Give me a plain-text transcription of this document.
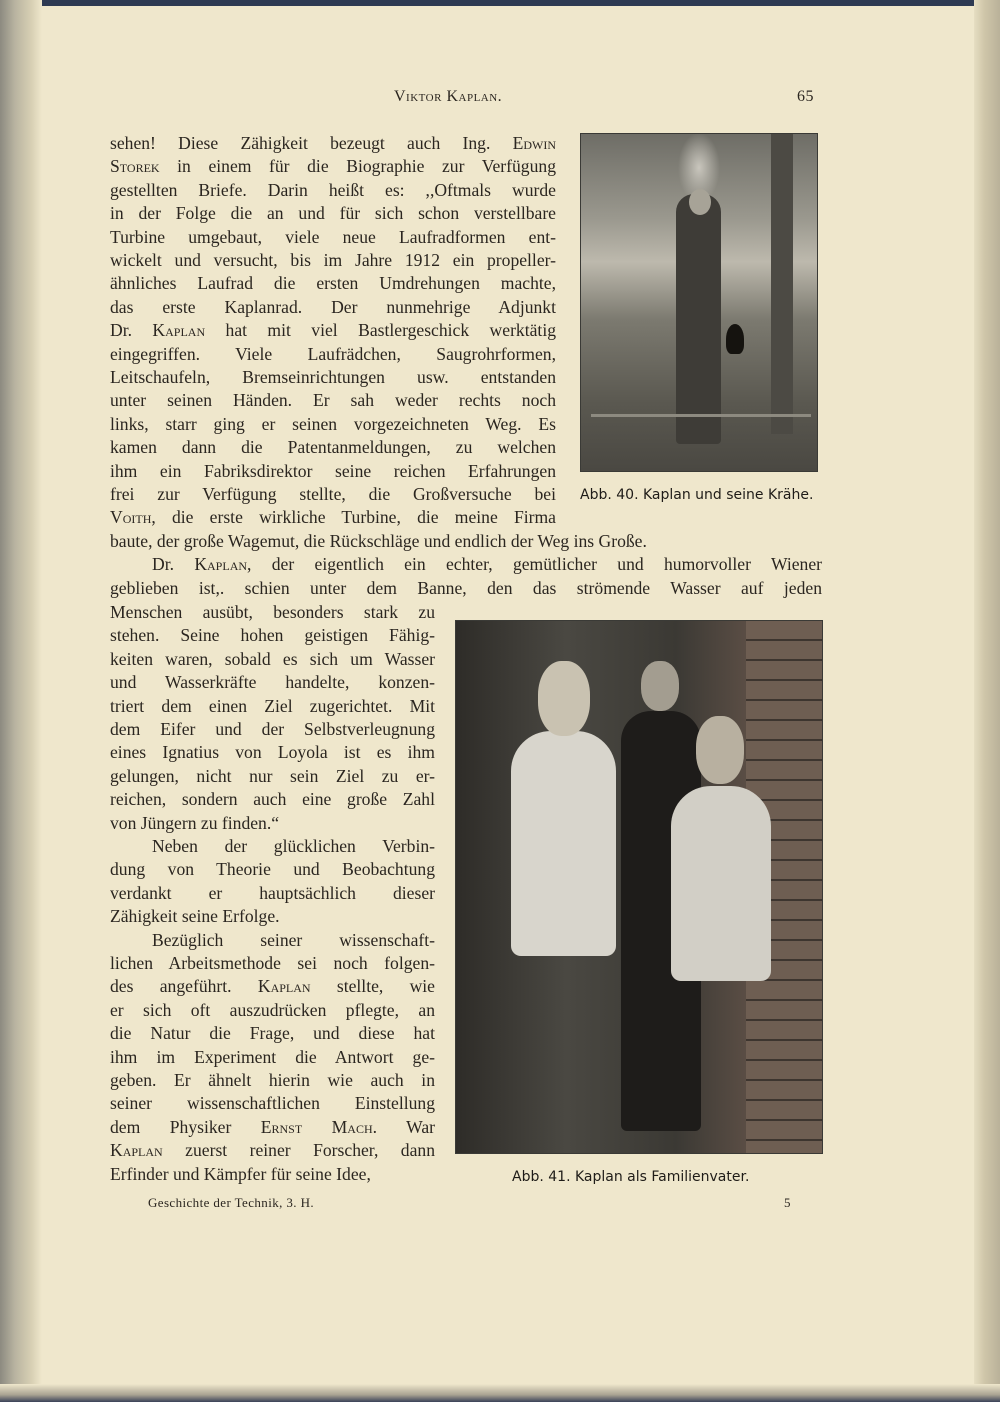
Viktor Kaplan.	65
sehen! Diese Zähigkeit bezeugt auch Ing. Edwin
Storek in einem für die Biographie zur Verfügung
gestellten Briefe. Darin heißt es: ,,Oftmals wurde
in der Folge die an und für sich schon verstellbare
Turbine umgebaut, viele neue Laufradformen ent-
wickelt und versucht, bis im Jahre 1912 ein propeller-
ähnliches Laufrad die ersten Umdrehungen machte,
das erste Kaplanrad. Der nunmehrige Adjunkt
Dr. Kaplan hat mit viel Bastlergeschick werktätig
eingegriffen. Viele Laufrädchen, Saugrohrformen,
Leitschaufeln, Bremseinrichtungen usw. entstanden
unter seinen Händen. Er sah weder rechts noch
links, starr ging er seinen vorgezeichneten Weg. Es
kamen dann die Patentanmeldungen, zu welchen
ihm ein Fabriksdirektor seine reichen Erfahrungen
frei zur Verfügung stellte, die Großversuche bei
Voith, die erste wirkliche Turbine, die meine Firma
baute, der große Wagemut, die Rückschläge und endlich der Weg ins Große.
Dr. Kaplan, der eigentlich ein echter, gemütlicher und humorvoller Wiener
geblieben ist,. schien unter dem Banne, den das strömende Wasser auf jeden
Menschen ausübt, besonders stark zu
stehen. Seine hohen geistigen Fähig-
keiten waren, sobald es sich um Wasser
und Wasserkräfte handelte, konzen-
triert dem einen Ziel zugerichtet. Mit
dem Eifer und der Selbstverleugnung
eines Ignatius von Loyola ist es ihm
gelungen, nicht nur sein Ziel zu er-
reichen, sondern auch eine große Zahl
von Jüngern zu finden.“
Neben der glücklichen Verbin-
dung von Theorie und Beobachtung
verdankt er hauptsächlich dieser
Zähigkeit seine Erfolge.
Bezüglich seiner wissenschaft-
lichen Arbeitsmethode sei noch folgen-
des angeführt. Kaplan stellte, wie
er sich oft auszudrücken pflegte, an
die Natur die Frage, und diese hat
ihm im Experiment die Antwort ge-
geben. Er ähnelt hierin wie auch in
seiner wissenschaftlichen Einstellung
dem Physiker Ernst Mach. War
Kaplan zuerst reiner Forscher, dann
Erfinder und Kämpfer für seine Idee,
Abb. 40. Kaplan und seine Krähe.
Abb. 41. Kaplan als Familienvater.
Geschichte der Technik, 3. H.	5
